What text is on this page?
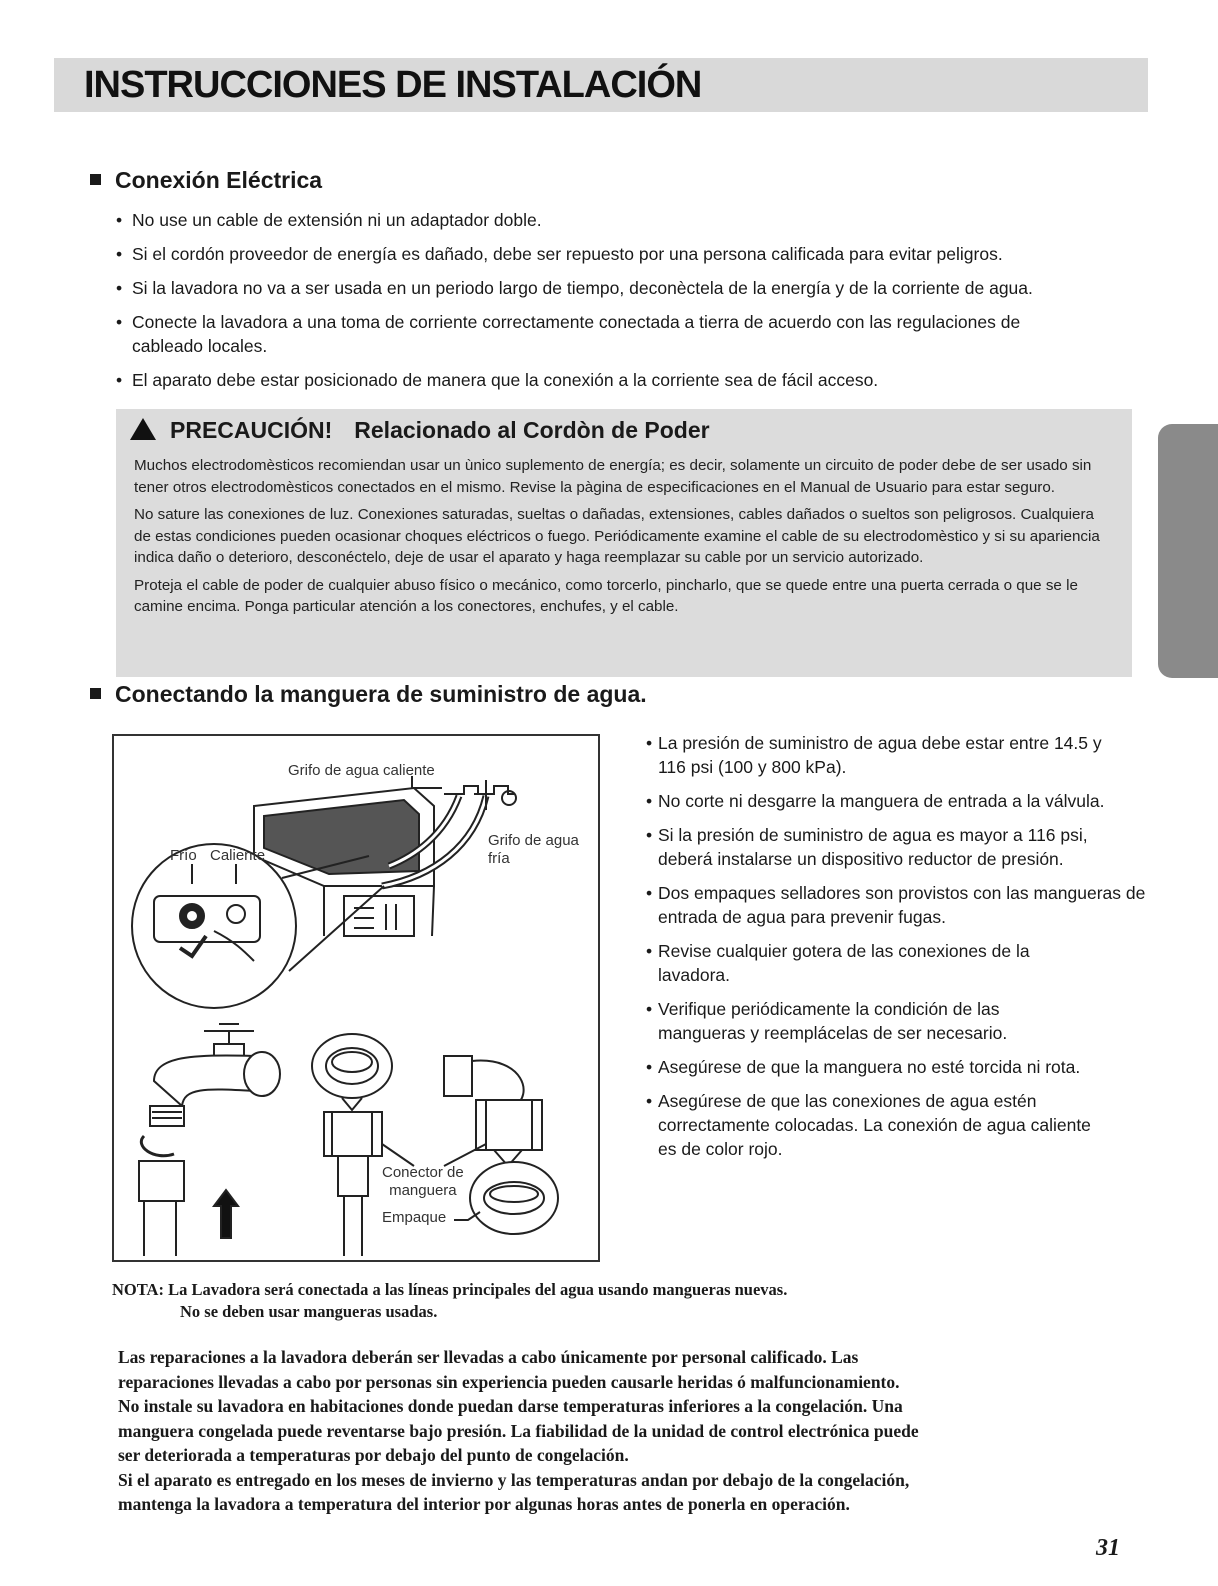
INSTRUCCIONES DE INSTALACIÓN
Conexión Eléctrica
• No use un cable de extensión ni un adaptador doble.
• Si el cordón proveedor de energía es dañado, debe ser repuesto por una persona calificada para evitar peligros.
• Si la lavadora no va a ser usada en un periodo largo de tiempo, deconèctela de la energía y de la corriente de agua.
• Conecte la lavadora a una toma de corriente correctamente conectada a tierra de acuerdo con las regulaciones de cableado locales.
• El aparato debe estar posicionado de manera que la conexión a la corriente sea de fácil acceso.
PRECAUCIÓN! Relacionado al Cordòn de Poder

Muchos electrodomèsticos recomiendan usar un ùnico suplemento de energía; es decir, solamente un circuito de poder debe de ser usado sin tener otros electrodomèsticos conectados en el mismo. Revise la pàgina de especificaciones en el Manual de Usuario para estar seguro.

No sature las conexiones de luz. Conexiones saturadas, sueltas o dañadas, extensiones, cables dañados o sueltos son peligrosos. Cualquiera de estas condiciones pueden ocasionar choques eléctricos o fuego. Periódicamente examine el cable de su electrodomèstico y si su apariencia indica daño o deterioro, desconéctelo, deje de usar el aparato y haga reemplazar su cable por un servicio autorizado.

Proteja el cable de poder de cualquier abuso físico o mecánico, como torcerlo, pincharlo, que se quede entre una puerta cerrada o que se le camine encima. Ponga particular atención a los conectores, enchufes, y el cable.

Conectando la manguera de suministro de agua.
Grifo de agua caliente
Grifo de agua
fría
Frío Caliente
Conector de
manguera
Empaque
• La presión de suministro de agua debe estar entre 14.5 y 116 psi (100 y 800 kPa).
• No corte ni desgarre la manguera de entrada a la válvula.
• Si la presión de suministro de agua es mayor a 116 psi, deberá instalarse un dispositivo reductor de presión.
• Dos empaques selladores son provistos con las mangueras de entrada de agua para prevenir fugas.
• Revise cualquier gotera de las conexiones de la lavadora.
• Verifique periódicamente la condición de las mangueras y reemplácelas de ser necesario.
• Asegúrese de que la manguera no esté torcida ni rota.
• Asegúrese de que las conexiones de agua estén correctamente colocadas. La conexión de agua caliente es de color rojo.
NOTA: La Lavadora será conectada a las líneas principales del agua usando mangueras nuevas.
No se deben usar mangueras usadas.
Las reparaciones a la lavadora deberán ser llevadas a cabo únicamente por personal calificado. Las
reparaciones llevadas a cabo por personas sin experiencia pueden causarle heridas ó malfuncionamiento.
No instale su lavadora en habitaciones donde puedan darse temperaturas inferiores a la congelación. Una
manguera congelada puede reventarse bajo presión. La fiabilidad de la unidad de control electrónica puede
ser deteriorada a temperaturas por debajo del punto de congelación.
Si el aparato es entregado en los meses de invierno y las temperaturas andan por debajo de la congelación,
mantenga la lavadora a temperatura del interior por algunas horas antes de ponerla en operación.
31
